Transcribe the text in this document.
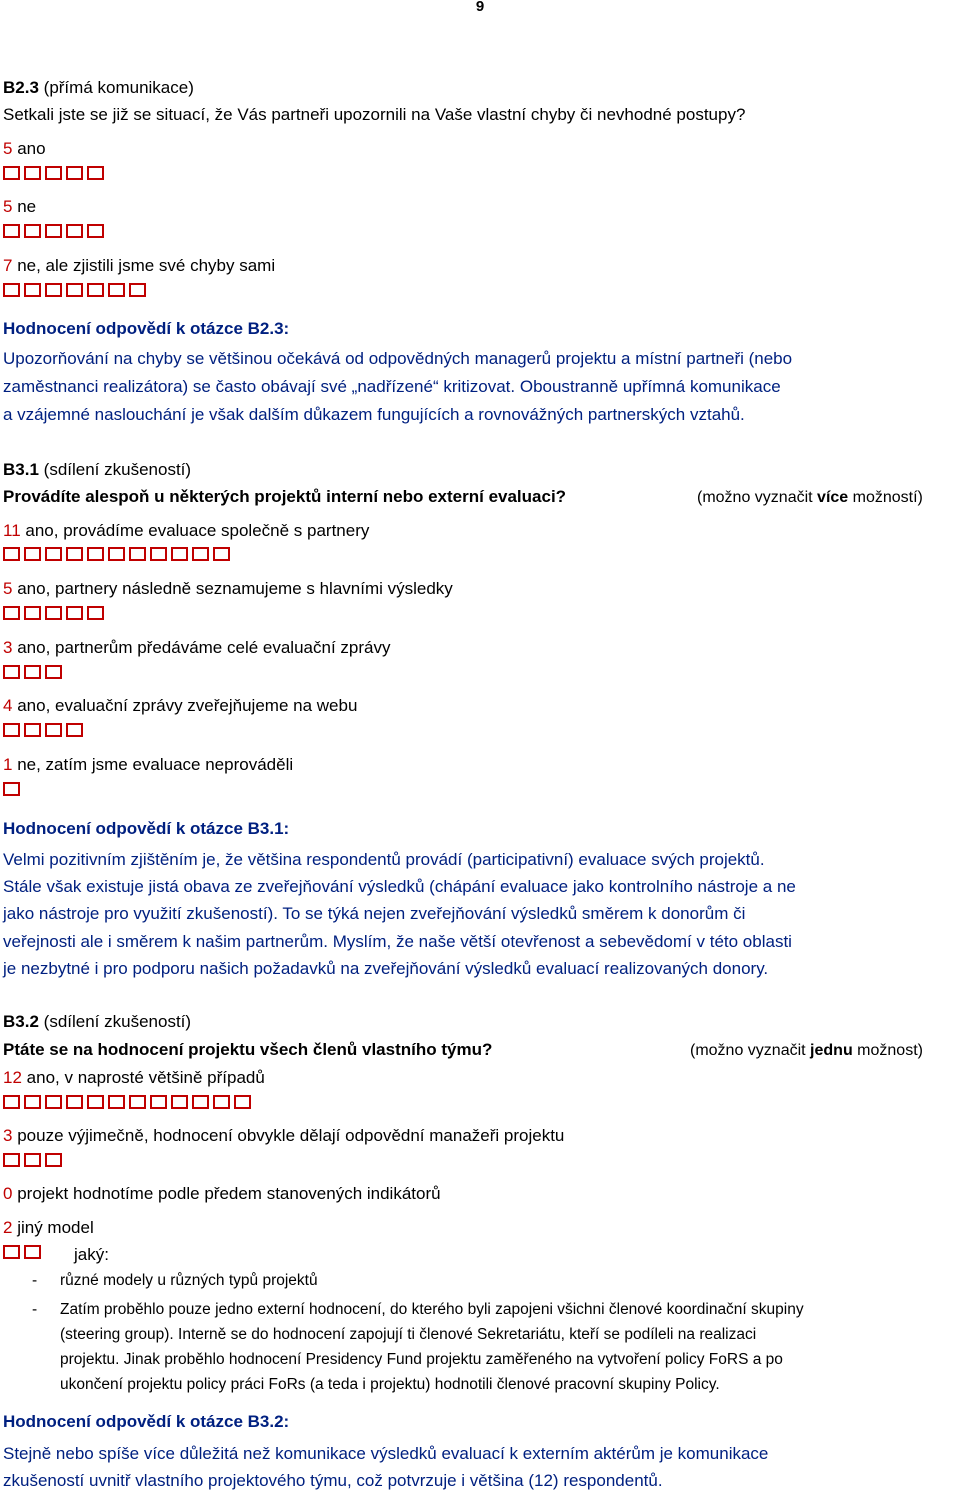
9
B2.3 (přímá komunikace)
Setkali jste se již se situací, že Vás partneři upozornili na Vaše vlastní chyby či nevhodné postupy?
5 ano
5 ne
7 ne, ale zjistili jsme své chyby sami
Hodnocení odpovědí k otázce B2.3:
Upozorňování na chyby se většinou očekává od odpovědných managerů projektu a místní partneři (nebo
zaměstnanci realizátora) se často obávají své „nadřízené“ kritizovat. Oboustranně upřímná komunikace
a vzájemné naslouchání je však dalším důkazem fungujících a rovnovážných partnerských vztahů.
B3.1 (sdílení zkušeností)
Provádíte alespoň u některých projektů interní nebo externí evaluaci?	(možno vyznačit více možností)
11 ano, provádíme evaluace společně s partnery
5 ano, partnery následně seznamujeme s hlavními výsledky
3 ano, partnerům předáváme celé evaluační zprávy
4 ano, evaluační zprávy zveřejňujeme na webu
1 ne, zatím jsme evaluace neprováděli
Hodnocení odpovědí k otázce B3.1:
Velmi pozitivním zjištěním je, že většina respondentů provádí (participativní) evaluace svých projektů.
Stále však existuje jistá obava ze zveřejňování výsledků (chápání evaluace jako kontrolního nástroje a ne
jako nástroje pro využití zkušeností). To se týká nejen zveřejňování výsledků směrem k donorům či
veřejnosti ale i směrem k našim partnerům. Myslím, že naše větší otevřenost a sebevědomí v této oblasti
je nezbytné i pro podporu našich požadavků na zveřejňování výsledků evaluací realizovaných donory.
B3.2 (sdílení zkušeností)
Ptáte se na hodnocení projektu všech členů vlastního týmu?	(možno vyznačit jednu možnost)
12 ano, v naprosté většině případů
3 pouze výjimečně, hodnocení obvykle dělají odpovědní manažeři projektu
0 projekt hodnotíme podle předem stanovených indikátorů
2 jiný model
jaký:
- různé modely u různých typů projektů
- Zatím proběhlo pouze jedno externí hodnocení, do kterého byli zapojeni všichni členové koordinační skupiny
(steering group). Interně se do hodnocení zapojují ti členové Sekretariátu, kteří se podíleli na realizaci
projektu. Jinak proběhlo hodnocení Presidency Fund projektu zaměřeného na vytvoření policy FoRS a po
ukončení projektu policy práci FoRs (a teda i projektu) hodnotili členové pracovní skupiny Policy.
Hodnocení odpovědí k otázce B3.2:
Stejně nebo spíše více důležitá než komunikace výsledků evaluací k externím aktérům je komunikace
zkušeností uvnitř vlastního projektového týmu, což potvrzuje i většina (12) respondentů.
